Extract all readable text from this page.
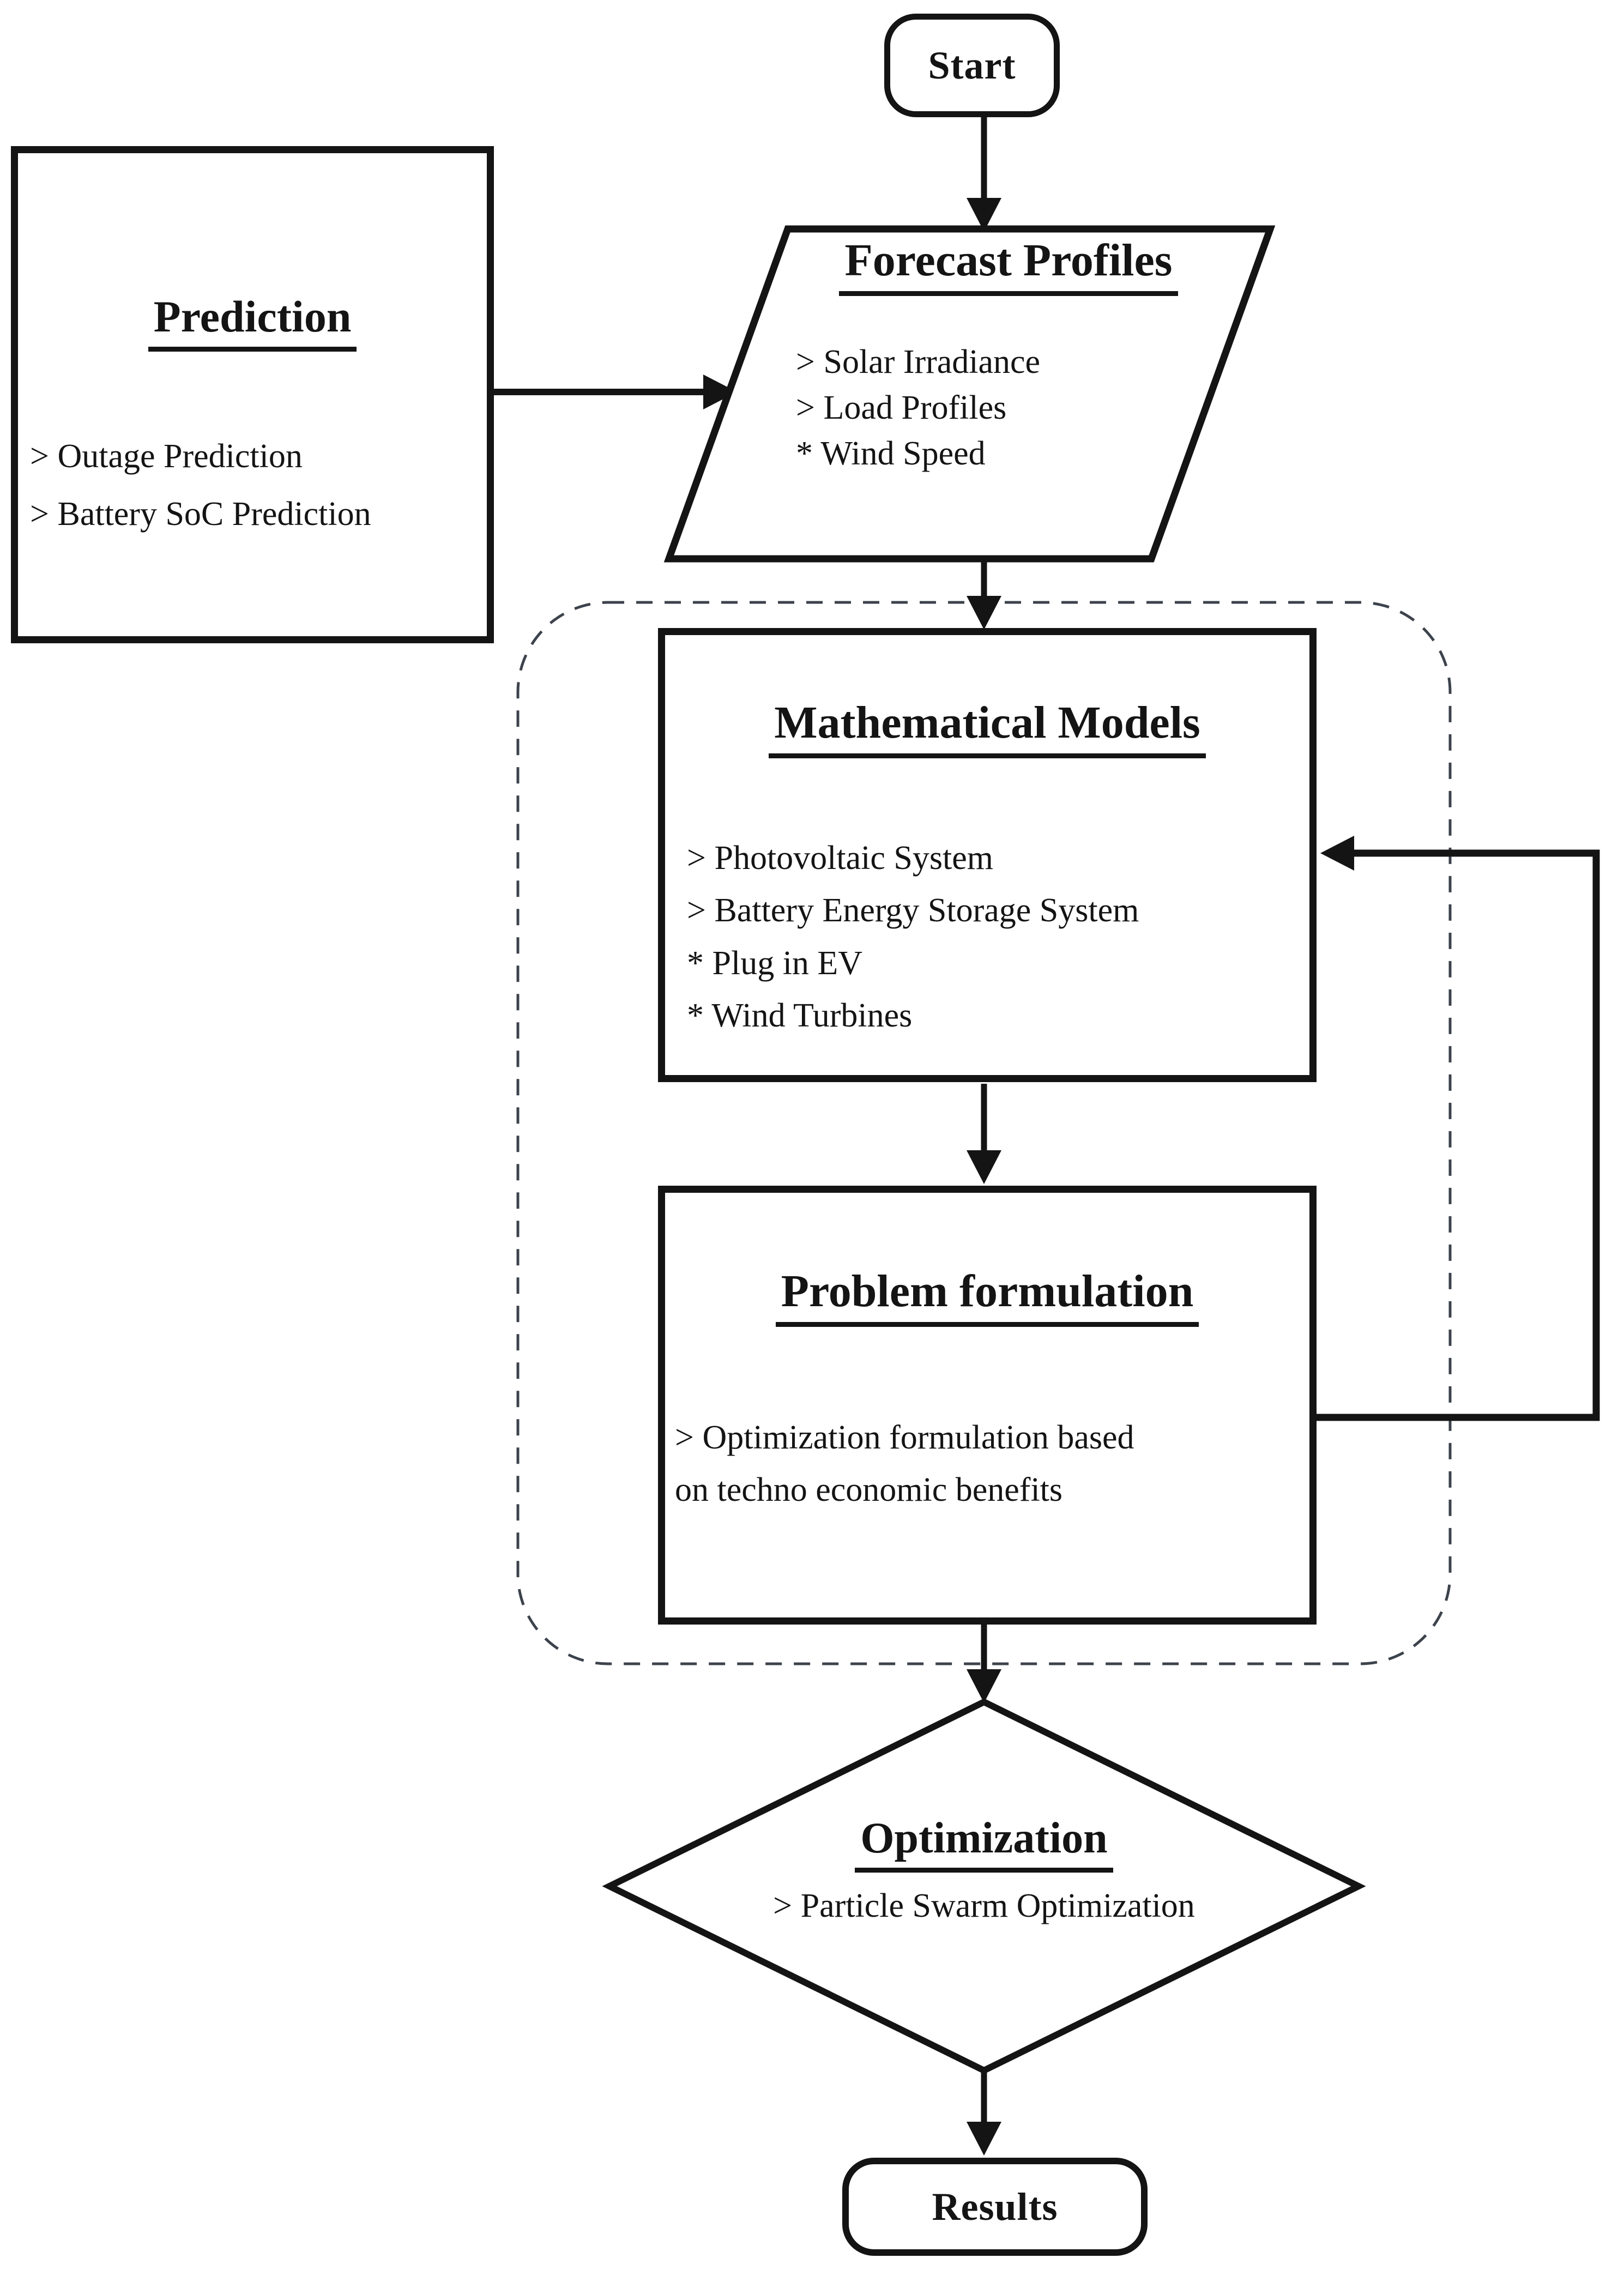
Start
Prediction
> Outage Prediction
> Battery SoC Prediction
Forecast Profiles
> Solar Irradiance
> Load Profiles
* Wind Speed
Mathematical Models
> Photovoltaic System
> Battery Energy Storage System
* Plug in EV
* Wind Turbines
Problem formulation
> Optimization formulation based
on techno economic benefits
Optimization
> Particle Swarm Optimization
Results
